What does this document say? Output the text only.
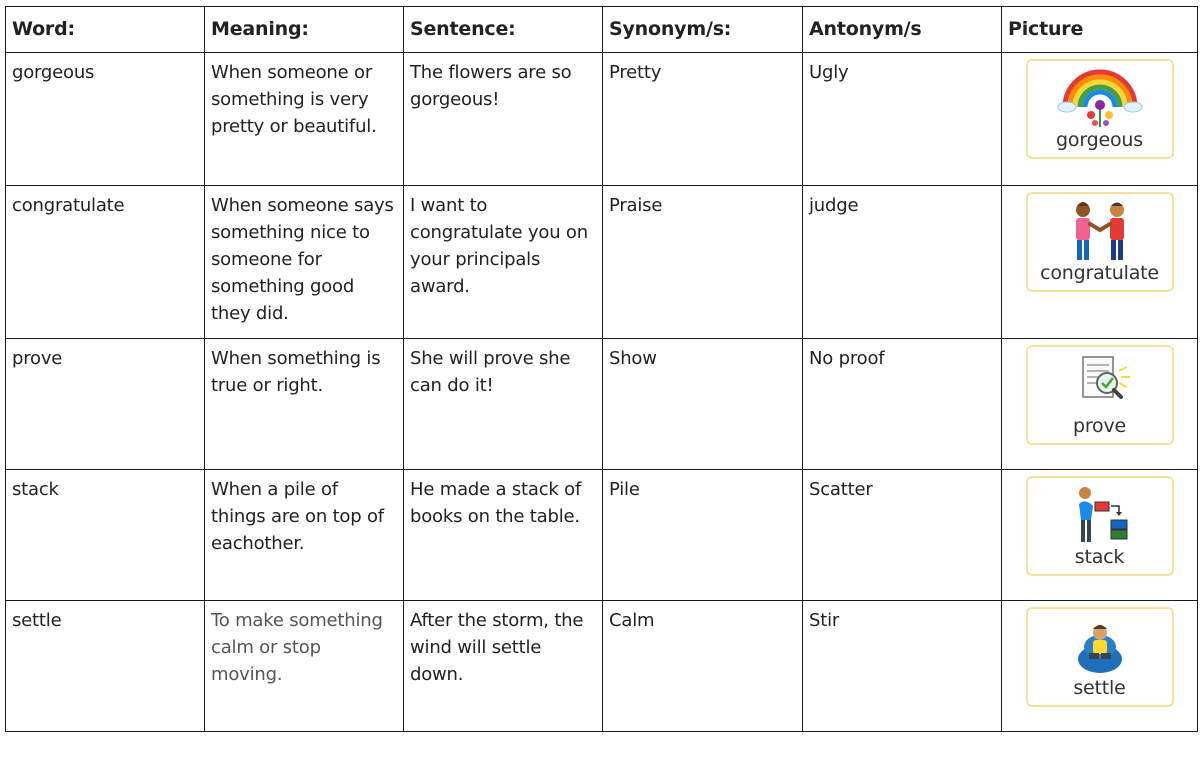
Word:	Meaning:	Sentence:	Synonym/s:	Antonym/s	Picture
gorgeous	When someone or something is very pretty or beautiful.	The flowers are so gorgeous!	Pretty	Ugly	gorgeous

congratulate	When someone says something nice to someone for something good they did.	I want to congratulate you on your principals award.	Praise	judge	congratulate

prove	When something is true or right.	She will prove she can do it!	Show	No proof	prove

stack	When a pile of things are on top of eachother.	He made a stack of books on the table.	Pile	Scatter	stack

settle	To make something calm or stop moving.	After the storm, the wind will settle down.	Calm	Stir	settle
